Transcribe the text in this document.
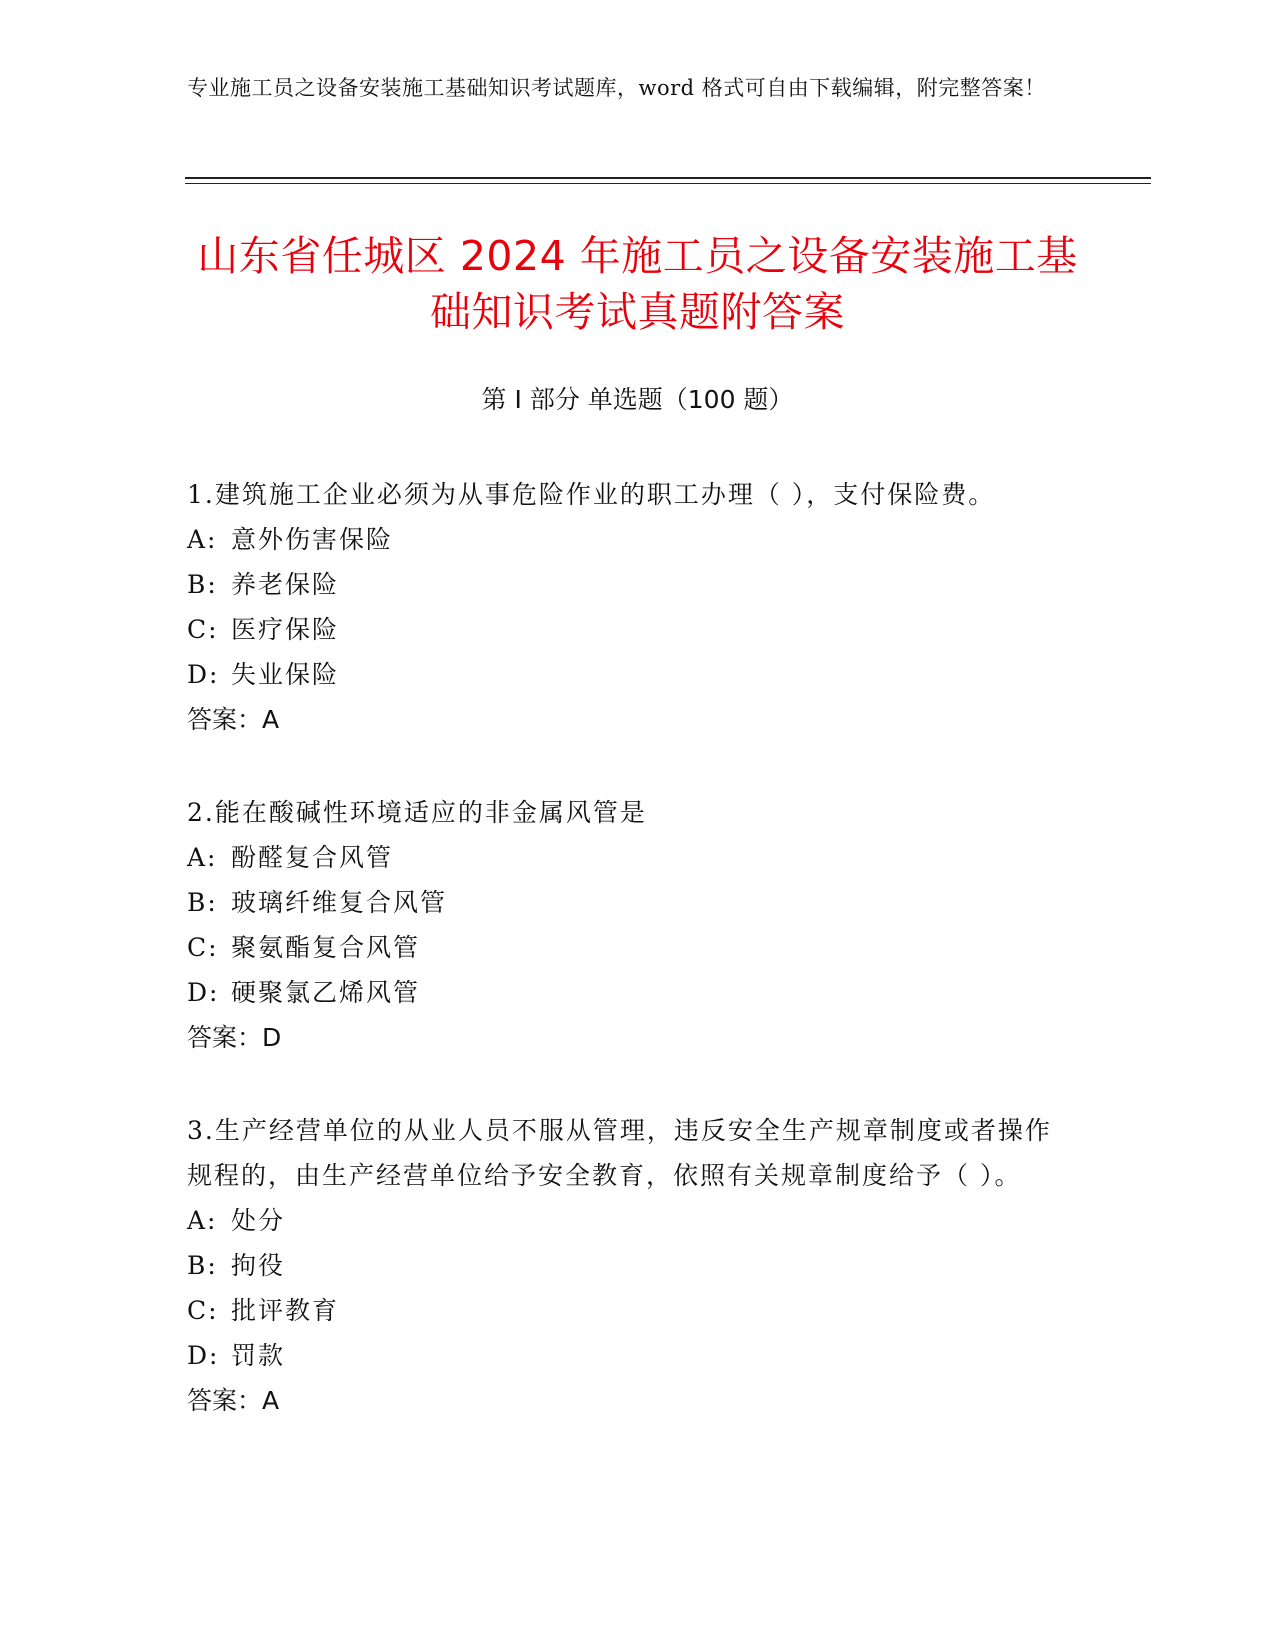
专业施工员之设备安装施工基础知识考试题库，word 格式可自由下载编辑，附完整答案！
山东省任城区 2024 年施工员之设备安装施工基础知识考试真题附答案
第 I 部分 单选题（100 题）

1.建筑施工企业必须为从事危险作业的职工办理（ ），支付保险费。

A: 意外伤害保险

B: 养老保险

C: 医疗保险

D: 失业保险

答案：A

2.能在酸碱性环境适应的非金属风管是

A: 酚醛复合风管

B: 玻璃纤维复合风管

C: 聚氨酯复合风管

D: 硬聚氯乙烯风管

答案：D

3.生产经营单位的从业人员不服从管理，违反安全生产规章制度或者操作规程的，由生产经营单位给予安全教育，依照有关规章制度给予（ ）。

A: 处分

B: 拘役

C: 批评教育

D: 罚款

答案：A
